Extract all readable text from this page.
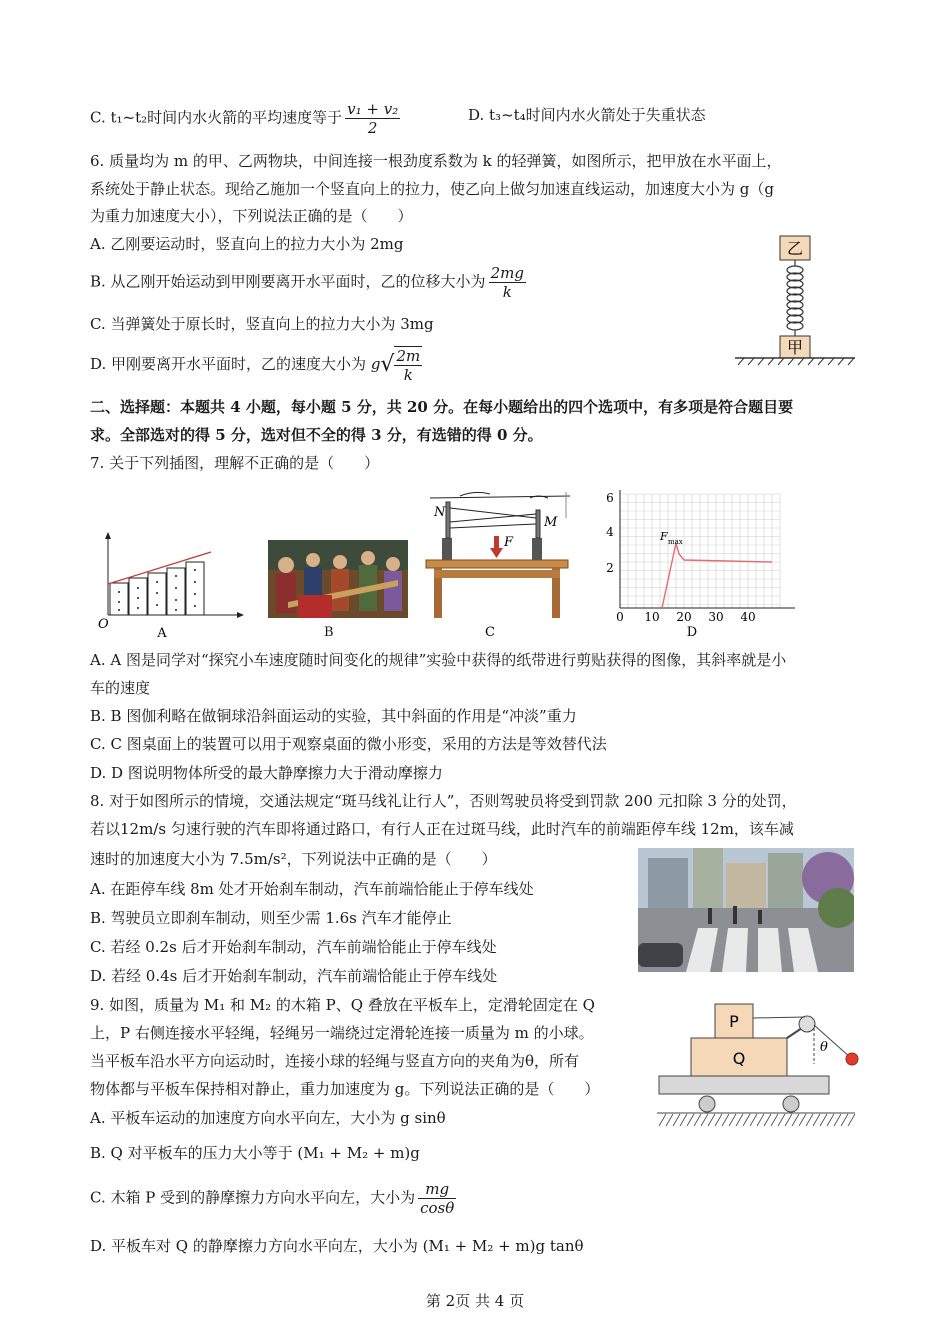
C. t₁~t₂时间内水火箭的平均速度等于 $\frac{\text{v₁ + v₂}}{2}$	D. t₃~t₄时间内水火箭处于失重状态
6. 质量均为 m 的甲、乙两物块，中间连接一根劲度系数为 k 的轻弹簧，如图所示，把甲放在水平面上，
系统处于静止状态。现给乙施加一个竖直向上的拉力，使乙向上做匀加速直线运动，加速度大小为 g（g
为重力加速度大小），下列说法正确的是（　　）
A. 乙刚要运动时，竖直向上的拉力大小为 2mg
B. 从乙刚开始运动到甲刚要离开水平面时，乙的位移大小为 $\frac{2mg}{k}$
C. 当弹簧处于原长时，竖直向上的拉力大小为 3mg
D. 甲刚要离开水平面时，乙的速度大小为 $g√ \frac{2m}{k}$
乙
甲
二、选择题：本题共 4 小题，每小题 5 分，共 20 分。在每小题给出的四个选项中，有多项是符合题目要
求。全部选对的得 5 分，选对但不全的得 3 分，有选错的得 0 分。
7. 关于下列插图，理解不正确的是（　　）
O
A	B
N
M
F
C
6
4
2
0 10 20 30 40
F max
D
A. A 图是同学对“探究小车速度随时间变化的规律”实验中获得的纸带进行剪贴获得的图像，其斜率就是小
车的速度
B. B 图伽利略在做铜球沿斜面运动的实验，其中斜面的作用是“冲淡”重力
C. C 图桌面上的装置可以用于观察桌面的微小形变，采用的方法是等效替代法
D. D 图说明物体所受的最大静摩擦力大于滑动摩擦力
8. 对于如图所示的情境，交通法规定“斑马线礼让行人”，否则驾驶员将受到罚款 200 元扣除 3 分的处罚，
若以12m/s 匀速行驶的汽车即将通过路口，有行人正在过斑马线，此时汽车的前端距停车线 12m，该车减
速时的加速度大小为 7.5m/s²，下列说法中正确的是（　　）
A. 在距停车线 8m 处才开始刹车制动，汽车前端恰能止于停车线处
B. 驾驶员立即刹车制动，则至少需 1.6s 汽车才能停止
C. 若经 0.2s 后才开始刹车制动，汽车前端恰能止于停车线处
D. 若经 0.4s 后才开始刹车制动，汽车前端恰能止于停车线处
9. 如图，质量为 M₁ 和 M₂ 的木箱 P、Q 叠放在平板车上，定滑轮固定在 Q
上，P 右侧连接水平轻绳，轻绳另一端绕过定滑轮连接一质量为 m 的小球。
当平板车沿水平方向运动时，连接小球的轻绳与竖直方向的夹角为θ，所有
物体都与平板车保持相对静止，重力加速度为 g。下列说法正确的是（　　）
A. 平板车运动的加速度方向水平向左，大小为 g sinθ
B. Q 对平板车的压力大小等于 (M₁ + M₂ + m)g
C. 木箱 P 受到的静摩擦力方向水平向左，大小为 $\frac{mg}{\cos\theta}$
D. 平板车对 Q 的静摩擦力方向水平向左，大小为 (M₁ + M₂ + m)g tanθ
P
Q
θ
第 2页 共 4 页
